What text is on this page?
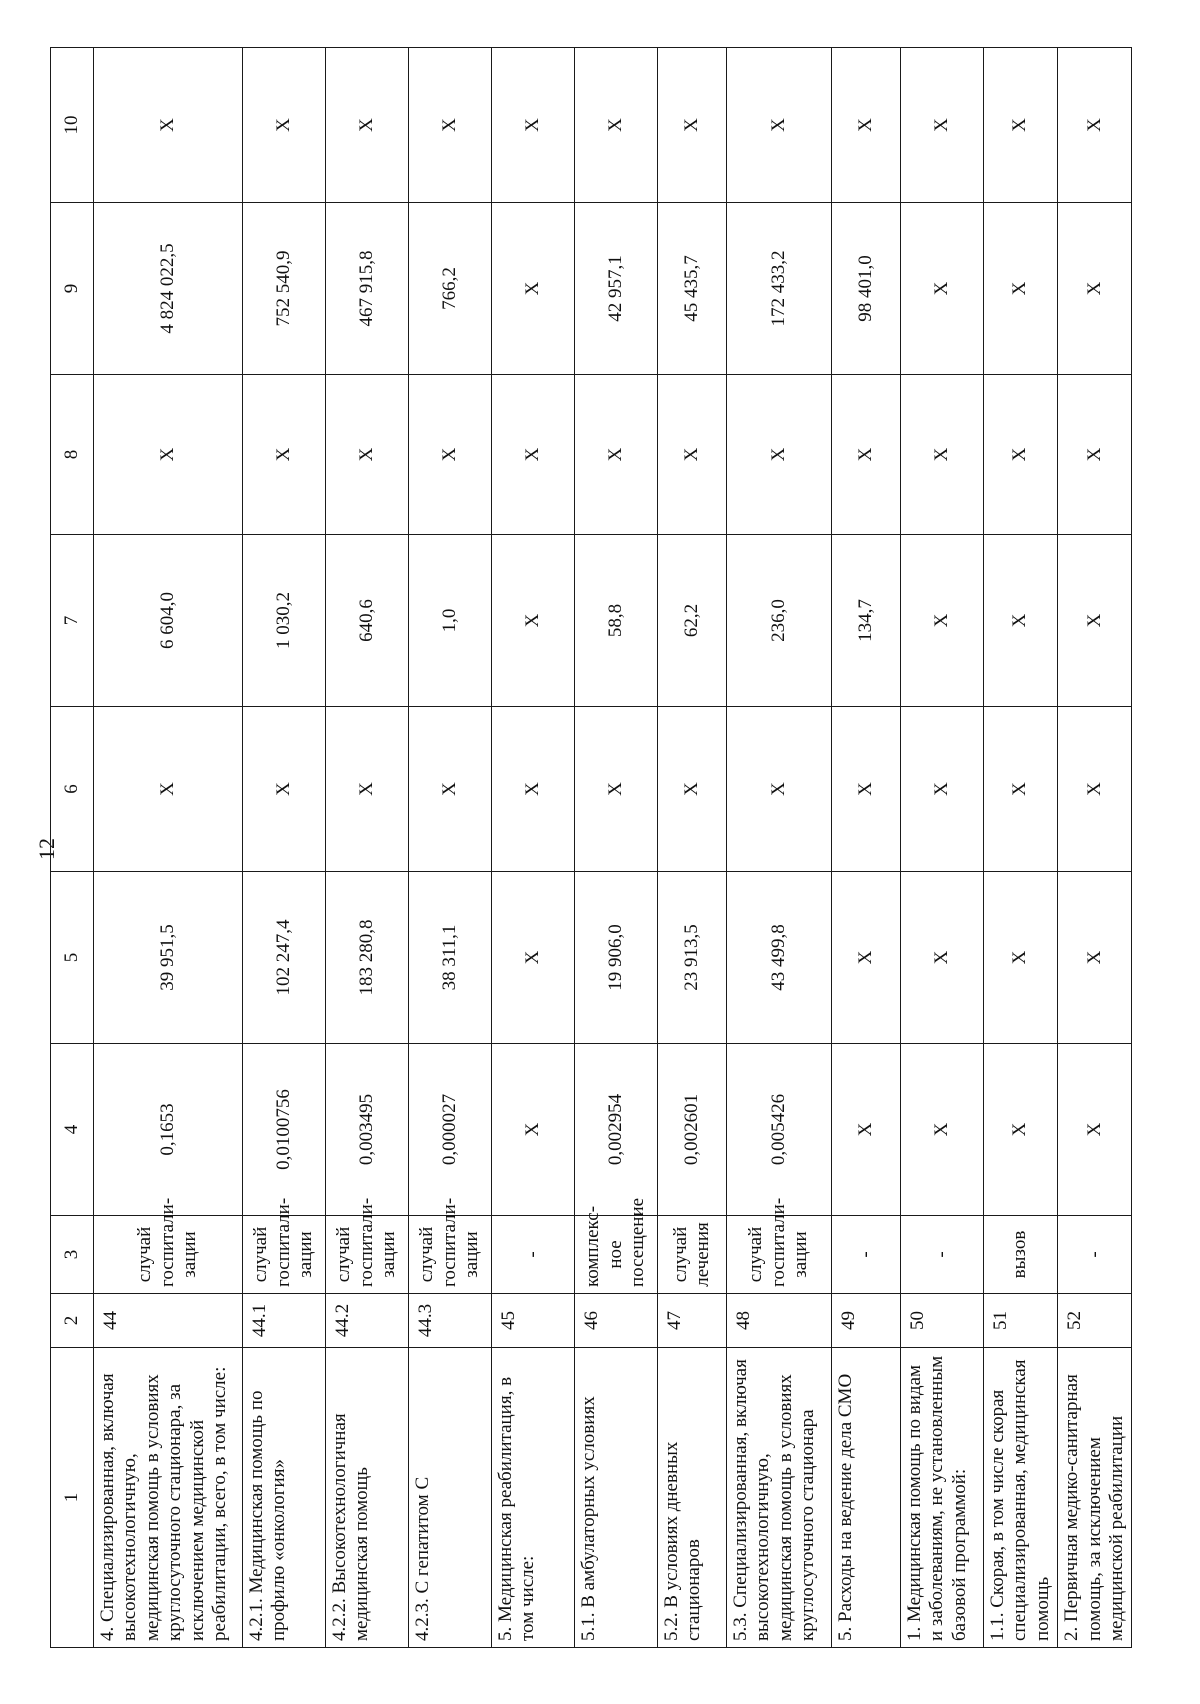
12
1	2	3	4	5	6	7	8	9	10
4. Специализированная, включая высокотехнологичную, медицинская помощь в условиях круглосуточного стационара, за исключением медицинской реабилитации, всего, в том числе:	44	случай госпитали-зации	0,1653	39 951,5	X	6 604,0	X	4 824 022,5	X
4.2.1. Медицинская помощь по профилю «онкология»	44.1	случай госпитали-зации	0,0100756	102 247,4	X	1 030,2	X	752 540,9	X
4.2.2. Высокотехнологичная медицинская помощь	44.2	случай госпитали-зации	0,003495	183 280,8	X	640,6	X	467 915,8	X
4.2.3. С гепатитом С	44.3	случай госпитали-зации	0,000027	38 311,1	X	1,0	X	766,2	X
5. Медицинская реабилитация, в том числе:	45	-	X	X	X	X	X	X	X
5.1. В амбулаторных условиях	46	комплекс-ное посещение	0,002954	19 906,0	X	58,8	X	42 957,1	X
5.2. В условиях дневных стационаров	47	случай лечения	0,002601	23 913,5	X	62,2	X	45 435,7	X
5.3. Специализированная, включая высокотехнологичную, медицинская помощь в условиях круглосуточного стационара	48	случай госпитали-зации	0,005426	43 499,8	X	236,0	X	172 433,2	X
5. Расходы на ведение дела СМО	49	-	X	X	X	134,7	X	98 401,0	X
1. Медицинская помощь по видам и заболеваниям, не установленным базовой программой:	50	-	X	X	X	X	X	X	X
1.1. Скорая, в том числе скорая специализированная, медицинская помощь	51	вызов	X	X	X	X	X	X	X
2. Первичная медико-санитарная помощь, за исключением медицинской реабилитации	52	-	X	X	X	X	X	X	X
